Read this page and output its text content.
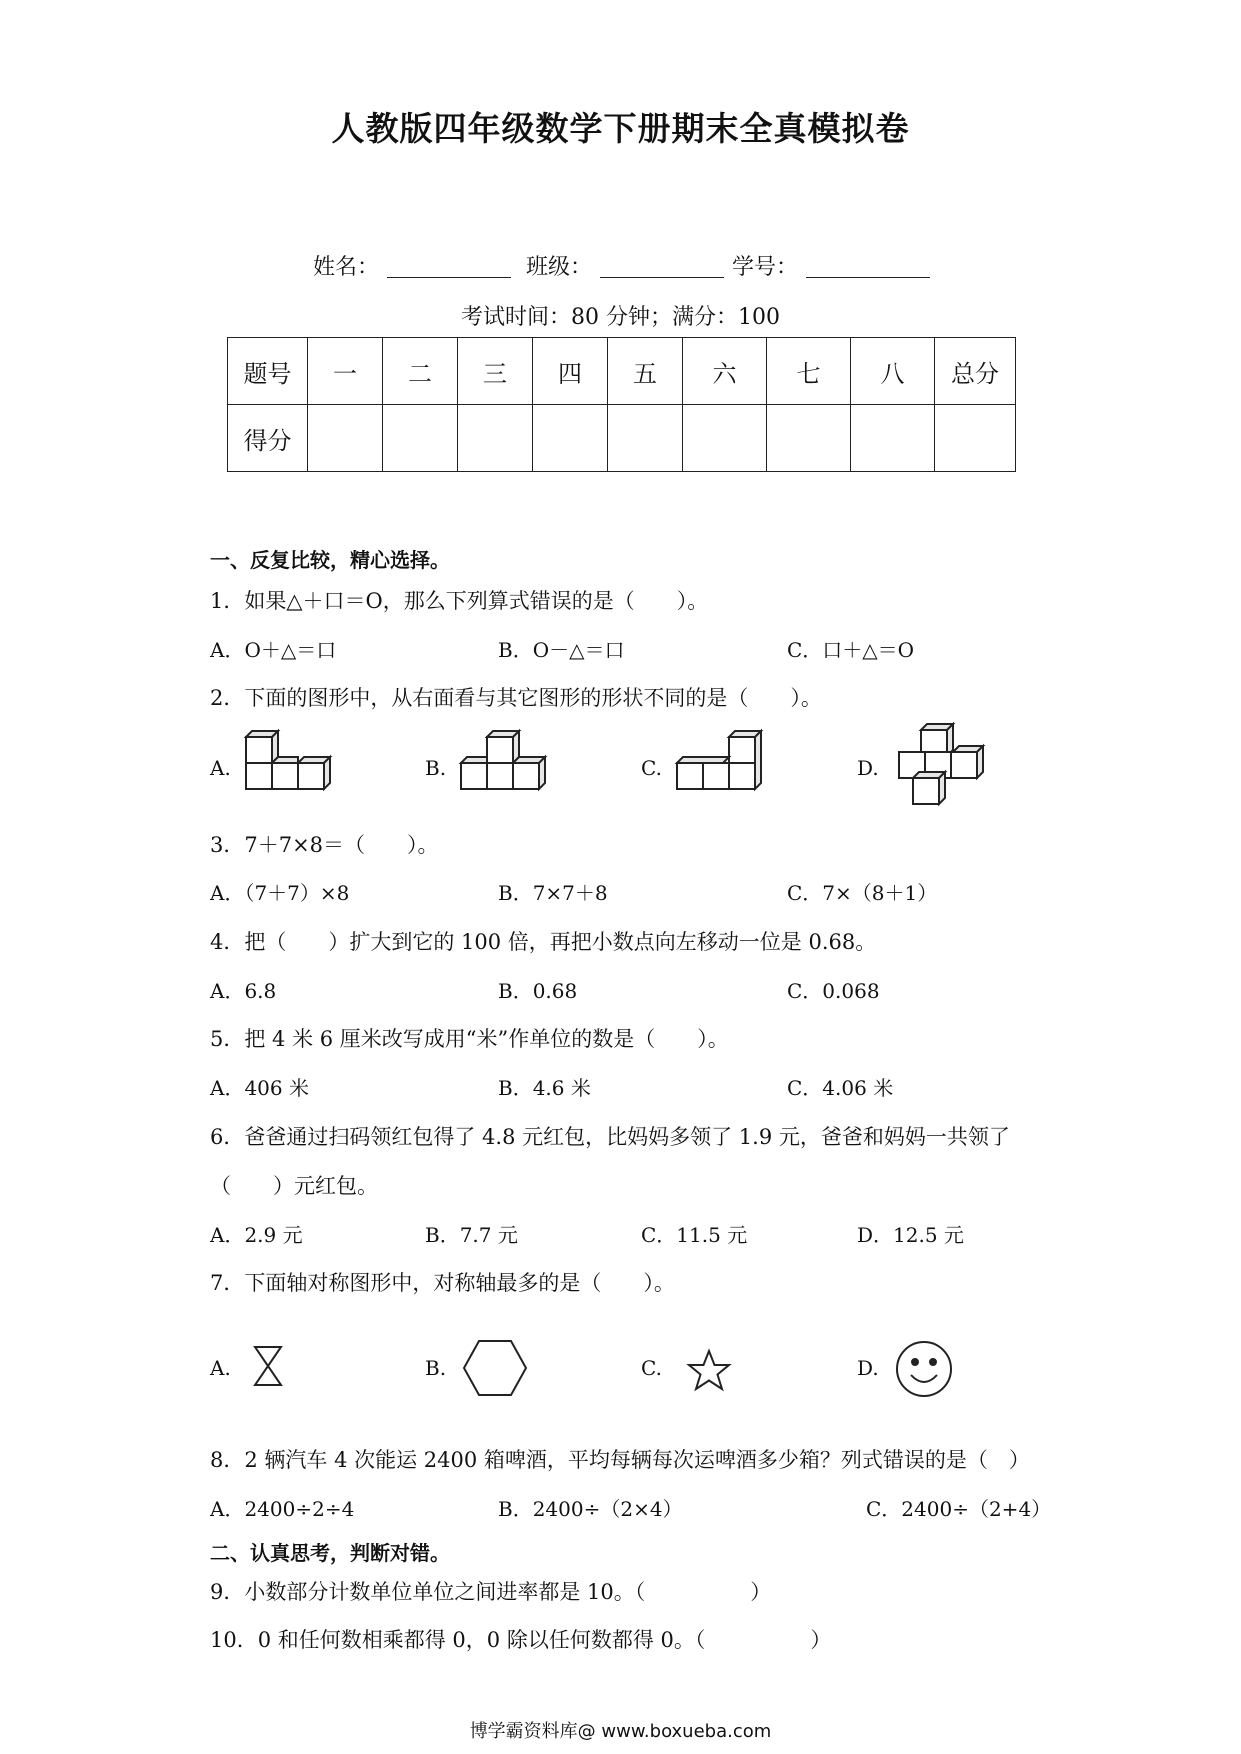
人教版四年级数学下册期末全真模拟卷
姓名：	班级：	学号：
考试时间：80 分钟；满分：100
题号	一	二	三	四	五	六	七	八	总分
得分									
一、反复比较，精心选择。
1．如果△＋口＝O，那么下列算式错误的是（　　）。
A．O＋△＝口	B．O－△＝口	C．口＋△＝O
2．下面的图形中，从右面看与其它图形的形状不同的是（　　）。
A.	B.	C.	D.
3．7＋7×8＝（　　）。
A．（7＋7）×8	B．7×7＋8	C．7×（8＋1）
4．把（　　）扩大到它的 100 倍，再把小数点向左移动一位是 0.68。
A．6.8	B．0.68	C．0.068
5．把 4 米 6 厘米改写成用“米”作单位的数是（　　）。
A．406 米	B．4.6 米	C．4.06 米
6．爸爸通过扫码领红包得了 4.8 元红包，比妈妈多领了 1.9 元，爸爸和妈妈一共领了
（　　）元红包。
A．2.9 元	B．7.7 元	C．11.5 元	D．12.5 元
7．下面轴对称图形中，对称轴最多的是（　　）。
A.	B.	C.	D.
8．2 辆汽车 4 次能运 2400 箱啤酒，平均每辆每次运啤酒多少箱？列式错误的是（　）
A．2400÷2÷4	B．2400÷（2×4）	C．2400÷（2+4）
二、认真思考，判断对错。
9．小数部分计数单位单位之间进率都是 10。（　　　　　）
10．0 和任何数相乘都得 0，0 除以任何数都得 0。（　　　　　）
博学霸资料库@ www.boxueba.com
